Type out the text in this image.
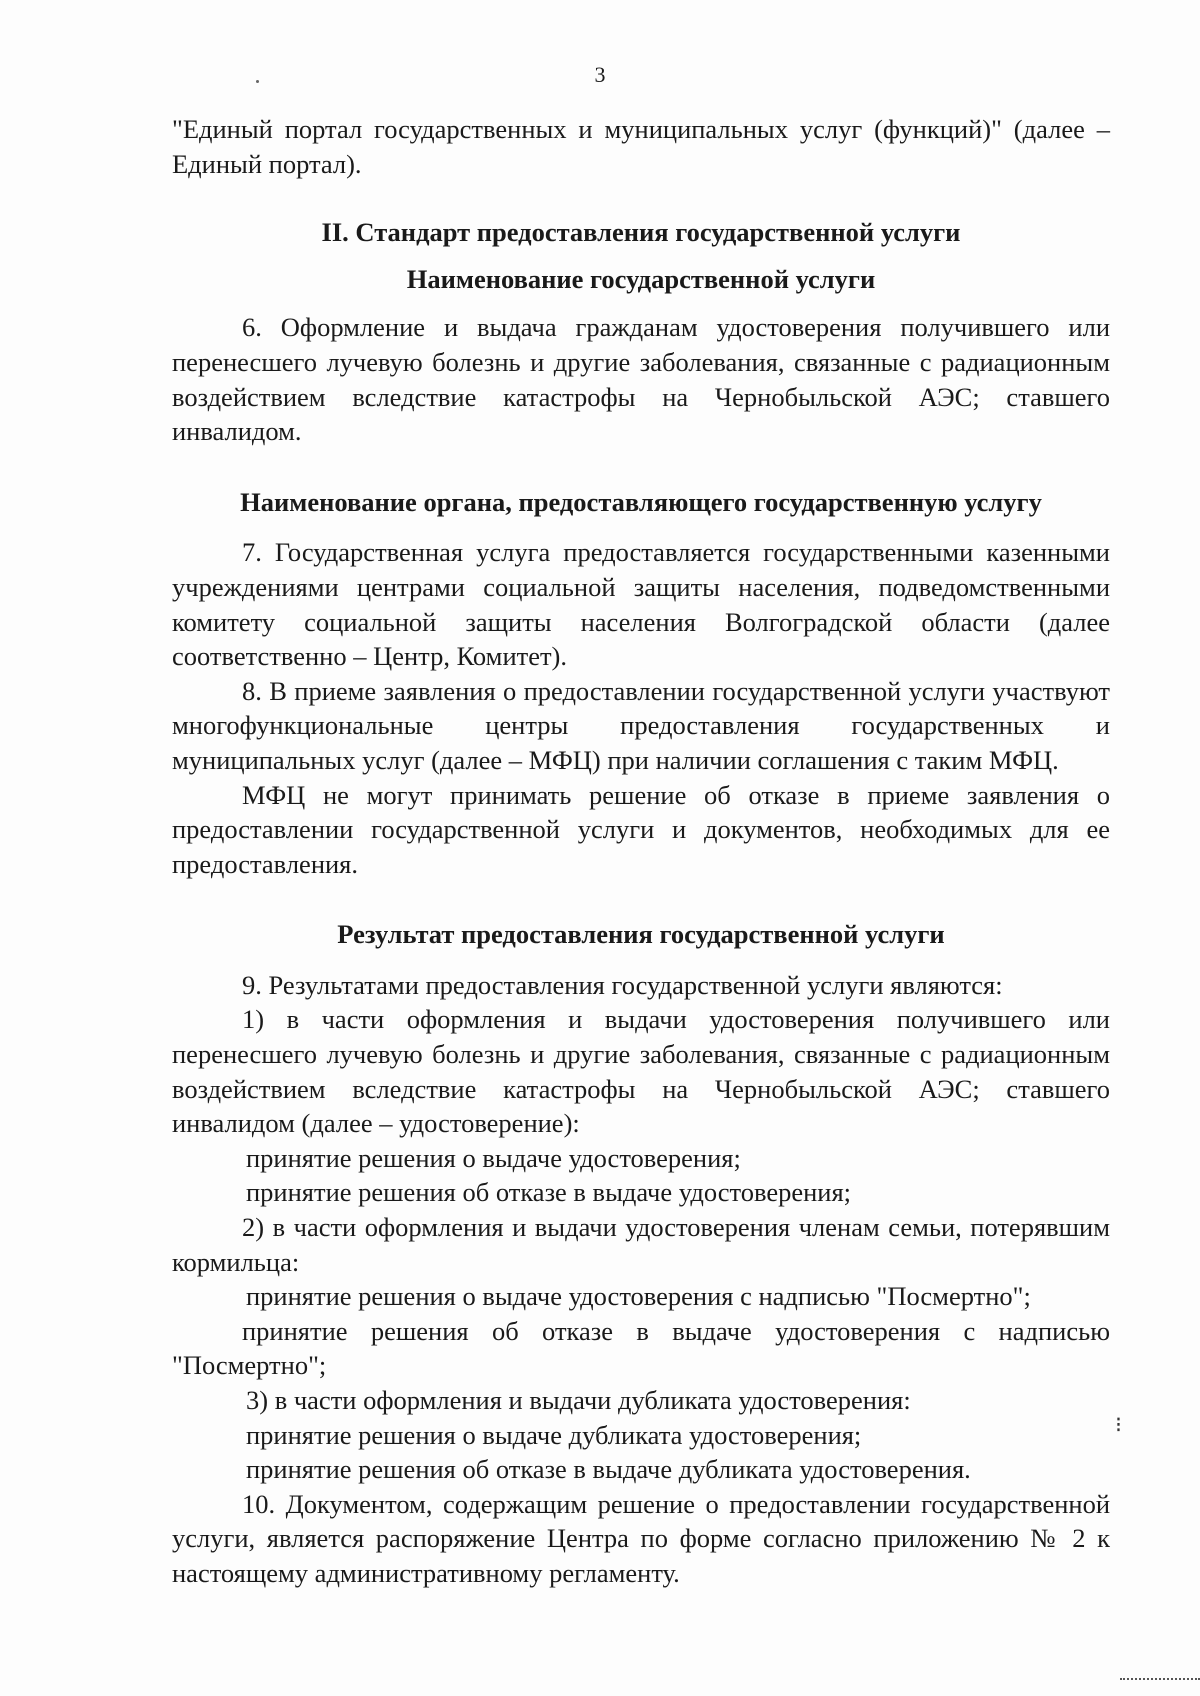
3

"Единый портал государственных и муниципальных услуг (функций)" (далее – Единый портал).

II. Стандарт предоставления государственной услуги

Наименование государственной услуги

6. Оформление и выдача гражданам удостоверения получившего или перенесшего лучевую болезнь и другие заболевания, связанные с радиационным воздействием вследствие катастрофы на Чернобыльской АЭС; ставшего инвалидом.

Наименование органа, предоставляющего государственную услугу

7. Государственная услуга предоставляется государственными казенными учреждениями центрами социальной защиты населения, подведомственными комитету социальной защиты населения Волгоградской области (далее соответственно – Центр, Комитет).

8. В приеме заявления о предоставлении государственной услуги участвуют многофункциональные центры предоставления государственных и муниципальных услуг (далее – МФЦ) при наличии соглашения с таким МФЦ.

МФЦ не могут принимать решение об отказе в приеме заявления о предоставлении государственной услуги и документов, необходимых для ее предоставления.

Результат предоставления государственной услуги

9. Результатами предоставления государственной услуги являются:

1) в части оформления и выдачи удостоверения получившего или перенесшего лучевую болезнь и другие заболевания, связанные с радиационным воздействием вследствие катастрофы на Чернобыльской АЭС; ставшего инвалидом (далее – удостоверение):

принятие решения о выдаче удостоверения;

принятие решения об отказе в выдаче удостоверения;

2) в части оформления и выдачи удостоверения членам семьи, потерявшим кормильца:

принятие решения о выдаче удостоверения с надписью "Посмертно";

принятие решения об отказе в выдаче удостоверения с надписью "Посмертно";

3) в части оформления и выдачи дубликата удостоверения:

принятие решения о выдаче дубликата удостоверения;

принятие решения об отказе в выдаче дубликата удостоверения.

10. Документом, содержащим решение о предоставлении государственной услуги, является распоряжение Центра по форме согласно приложению № 2 к настоящему административному регламенту.

⁝
